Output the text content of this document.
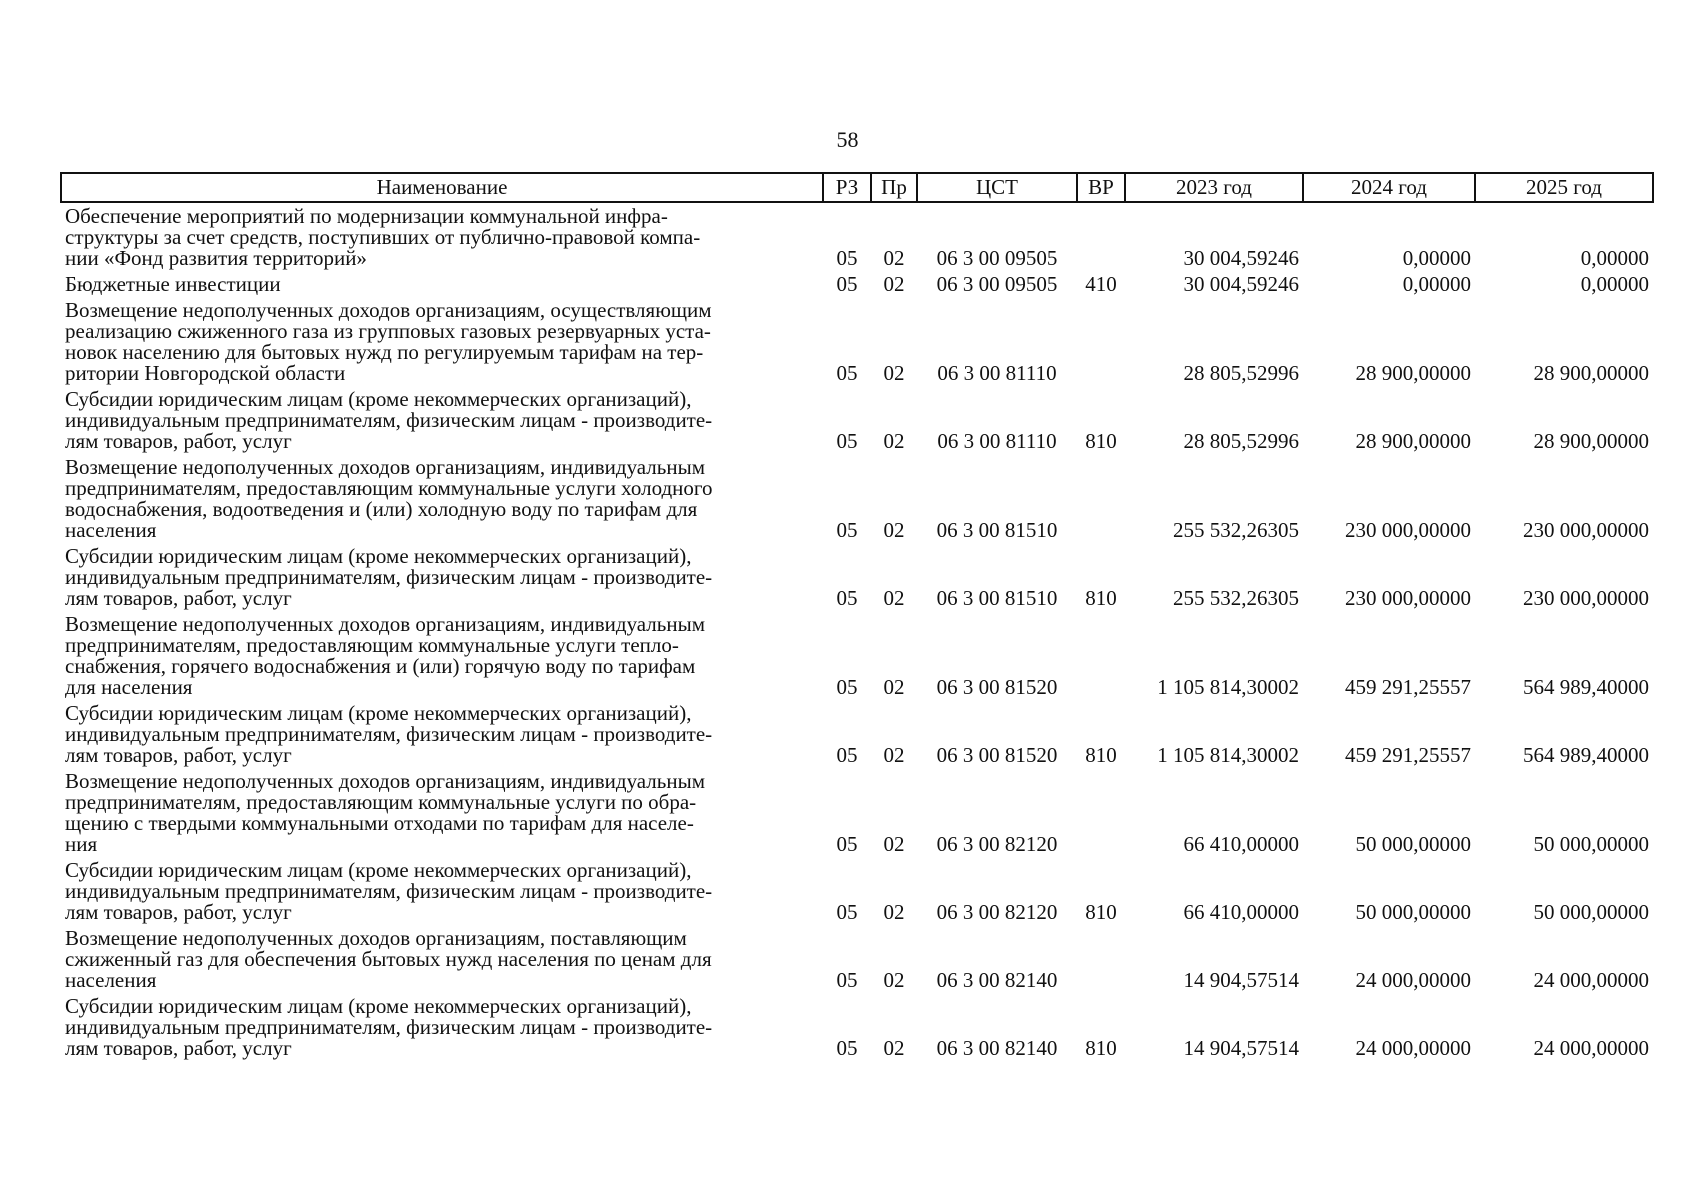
58
Наименование	РЗ	Пр	ЦСТ	ВР	2023 год	2024 год	2025 год

Обеспечение мероприятий по модернизации коммунальной инфра-
структуры за счет средств, поступивших от публично-правовой компа-
нии «Фонд развития территорий»	05	02	06 3 00 09505		30 004,59246	0,00000	0,00000

Бюджетные инвестиции	05	02	06 3 00 09505	410	30 004,59246	0,00000	0,00000

Возмещение недополученных доходов организациям, осуществляющим
реализацию сжиженного газа из групповых газовых резервуарных уста-
новок населению для бытовых нужд по регулируемым тарифам на тер-
ритории Новгородской области	05	02	06 3 00 81110		28 805,52996	28 900,00000	28 900,00000

Субсидии юридическим лицам (кроме некоммерческих организаций),
индивидуальным предпринимателям, физическим лицам - производите-
лям товаров, работ, услуг	05	02	06 3 00 81110	810	28 805,52996	28 900,00000	28 900,00000

Возмещение недополученных доходов организациям, индивидуальным
предпринимателям, предоставляющим коммунальные услуги холодного
водоснабжения, водоотведения и (или) холодную воду по тарифам для
населения	05	02	06 3 00 81510		255 532,26305	230 000,00000	230 000,00000

Субсидии юридическим лицам (кроме некоммерческих организаций),
индивидуальным предпринимателям, физическим лицам - производите-
лям товаров, работ, услуг	05	02	06 3 00 81510	810	255 532,26305	230 000,00000	230 000,00000

Возмещение недополученных доходов организациям, индивидуальным
предпринимателям, предоставляющим коммунальные услуги тепло-
снабжения, горячего водоснабжения и (или) горячую воду по тарифам
для населения	05	02	06 3 00 81520		1 105 814,30002	459 291,25557	564 989,40000

Субсидии юридическим лицам (кроме некоммерческих организаций),
индивидуальным предпринимателям, физическим лицам - производите-
лям товаров, работ, услуг	05	02	06 3 00 81520	810	1 105 814,30002	459 291,25557	564 989,40000

Возмещение недополученных доходов организациям, индивидуальным
предпринимателям, предоставляющим коммунальные услуги по обра-
щению с твердыми коммунальными отходами по тарифам для населе-
ния	05	02	06 3 00 82120		66 410,00000	50 000,00000	50 000,00000

Субсидии юридическим лицам (кроме некоммерческих организаций),
индивидуальным предпринимателям, физическим лицам - производите-
лям товаров, работ, услуг	05	02	06 3 00 82120	810	66 410,00000	50 000,00000	50 000,00000

Возмещение недополученных доходов организациям, поставляющим
сжиженный газ для обеспечения бытовых нужд населения по ценам для
населения	05	02	06 3 00 82140		14 904,57514	24 000,00000	24 000,00000

Субсидии юридическим лицам (кроме некоммерческих организаций),
индивидуальным предпринимателям, физическим лицам - производите-
лям товаров, работ, услуг	05	02	06 3 00 82140	810	14 904,57514	24 000,00000	24 000,00000
